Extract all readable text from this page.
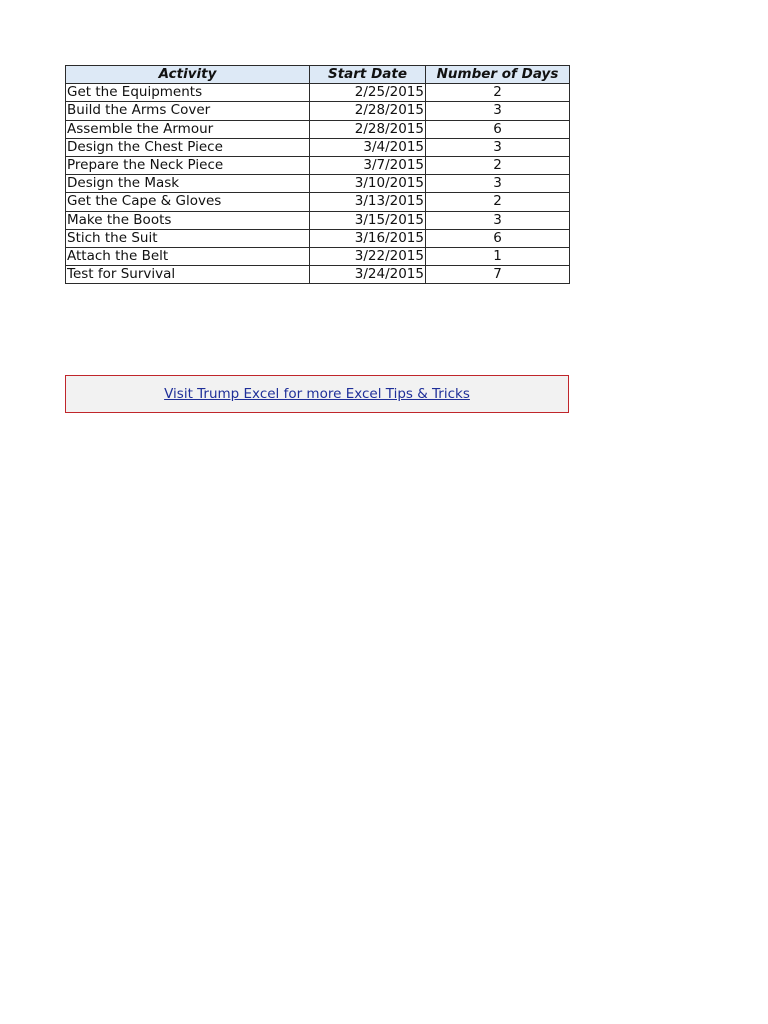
Activity	Start Date	Number of Days
Get the Equipments	2/25/2015	2
Build the Arms Cover	2/28/2015	3
Assemble the Armour	2/28/2015	6
Design the Chest Piece	3/4/2015	3
Prepare the Neck Piece	3/7/2015	2
Design the Mask	3/10/2015	3
Get the Cape & Gloves	3/13/2015	2
Make the Boots	3/15/2015	3
Stich the Suit	3/16/2015	6
Attach the Belt	3/22/2015	1
Test for Survival	3/24/2015	7
Visit Trump Excel for more Excel Tips & Tricks
